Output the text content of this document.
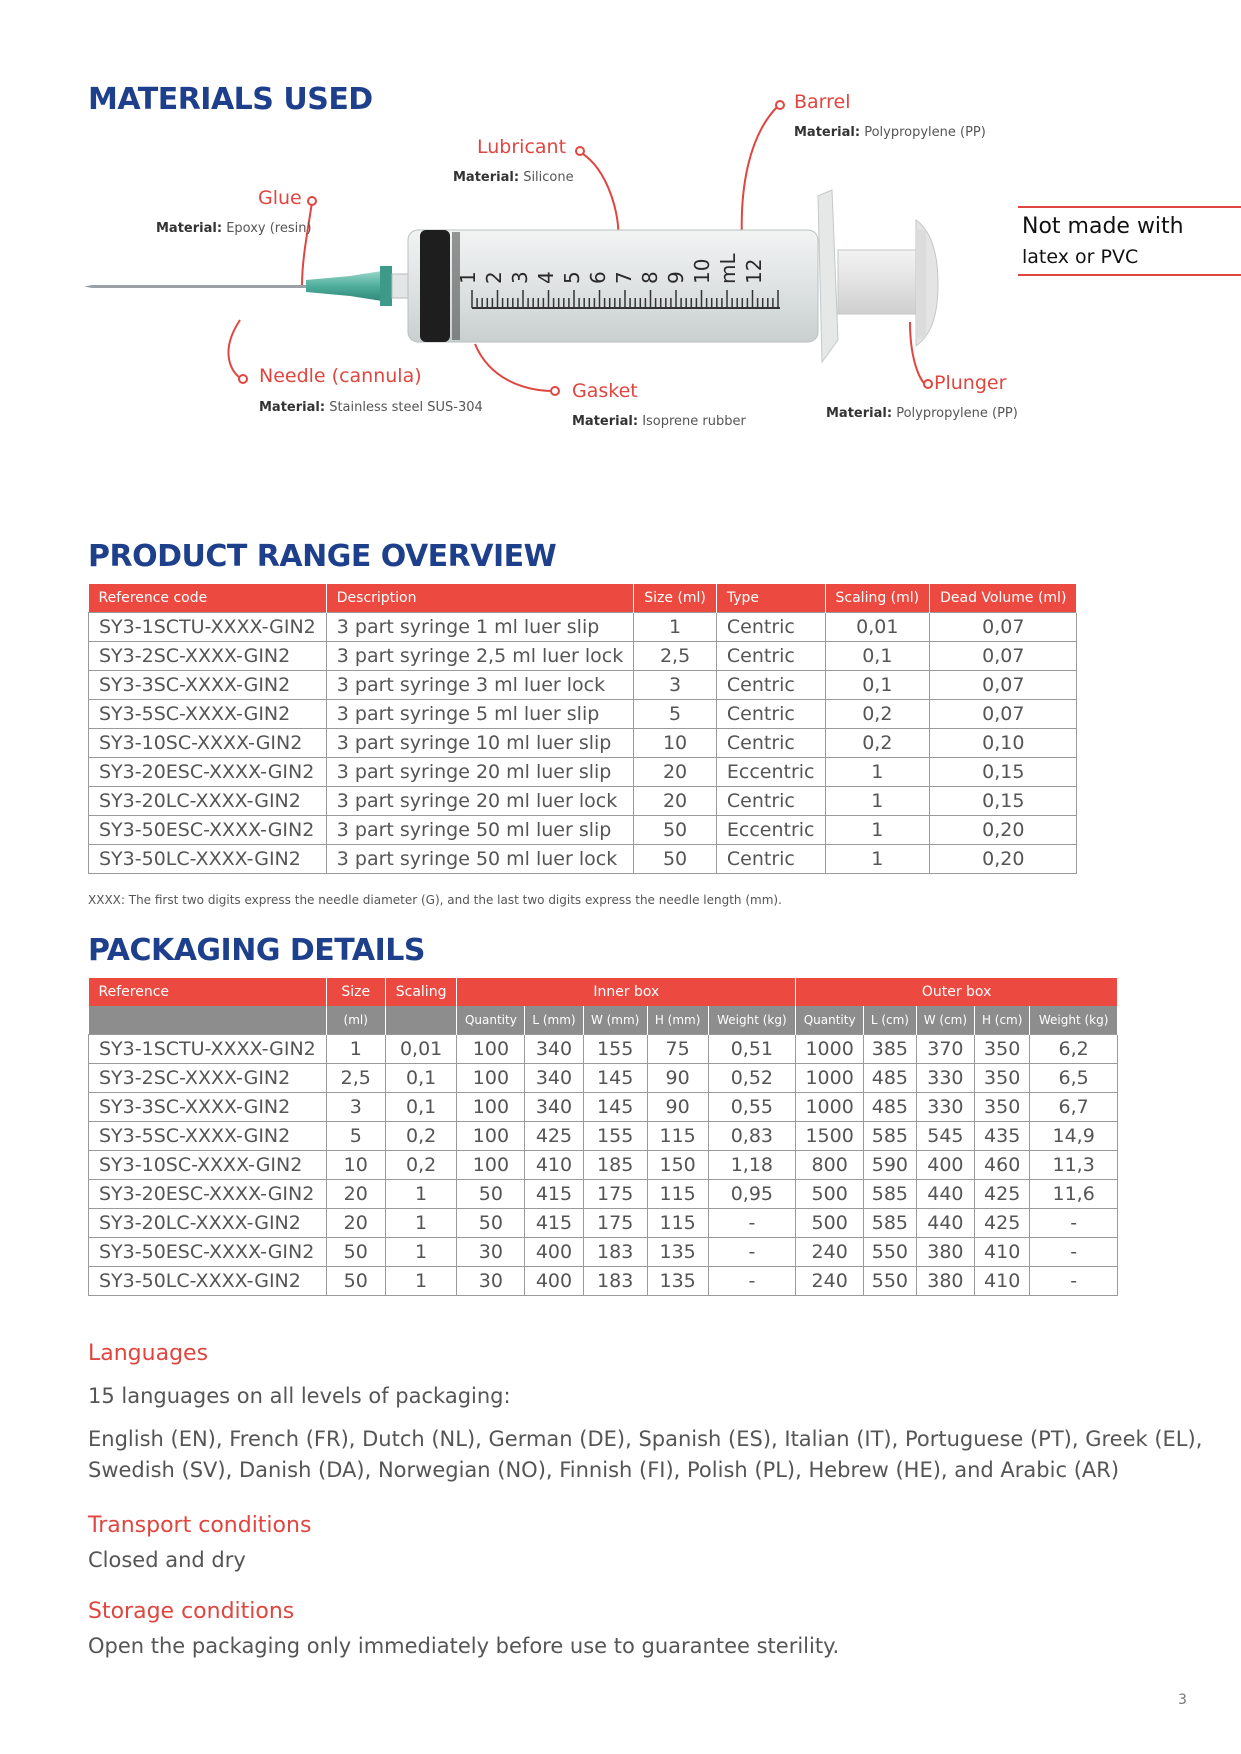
MATERIALS USED
1 2 3 4 5 6 7 8 9 10 mL 12
Barrel
Material: Polypropylene (PP)
Lubricant
Material: Silicone
Glue
Material: Epoxy (resin)
Needle (cannula)
Material: Stainless steel SUS-304
Gasket
Material: Isoprene rubber
Plunger
Material: Polypropylene (PP)
Not made with
latex or PVC
PRODUCT RANGE OVERVIEW
Reference code	Description	Size (ml)	Type	Scaling (ml)	Dead Volume (ml)
SY3-1SCTU-XXXX-GIN2	3 part syringe 1 ml luer slip	1	Centric	0,01	0,07
SY3-2SC-XXXX-GIN2	3 part syringe 2,5 ml luer lock	2,5	Centric	0,1	0,07
SY3-3SC-XXXX-GIN2	3 part syringe 3 ml luer lock	3	Centric	0,1	0,07
SY3-5SC-XXXX-GIN2	3 part syringe 5 ml luer slip	5	Centric	0,2	0,07
SY3-10SC-XXXX-GIN2	3 part syringe 10 ml luer slip	10	Centric	0,2	0,10
SY3-20ESC-XXXX-GIN2	3 part syringe 20 ml luer slip	20	Eccentric	1	0,15
SY3-20LC-XXXX-GIN2	3 part syringe 20 ml luer lock	20	Centric	1	0,15
SY3-50ESC-XXXX-GIN2	3 part syringe 50 ml luer slip	50	Eccentric	1	0,20
SY3-50LC-XXXX-GIN2	3 part syringe 50 ml luer lock	50	Centric	1	0,20
XXXX: The first two digits express the needle diameter (G), and the last two digits express the needle length (mm).
PACKAGING DETAILS
Reference	Size	Scaling	Inner box					Outer box				
	(ml)		Quantity	L (mm)	W (mm)	H (mm)	Weight (kg)	Quantity	L (cm)	W (cm)	H (cm)	Weight (kg)
SY3-1SCTU-XXXX-GIN2	1	0,01	100	340	155	75	0,51	1000	385	370	350	6,2
SY3-2SC-XXXX-GIN2	2,5	0,1	100	340	145	90	0,52	1000	485	330	350	6,5
SY3-3SC-XXXX-GIN2	3	0,1	100	340	145	90	0,55	1000	485	330	350	6,7
SY3-5SC-XXXX-GIN2	5	0,2	100	425	155	115	0,83	1500	585	545	435	14,9
SY3-10SC-XXXX-GIN2	10	0,2	100	410	185	150	1,18	800	590	400	460	11,3
SY3-20ESC-XXXX-GIN2	20	1	50	415	175	115	0,95	500	585	440	425	11,6
SY3-20LC-XXXX-GIN2	20	1	50	415	175	115	-	500	585	440	425	-
SY3-50ESC-XXXX-GIN2	50	1	30	400	183	135	-	240	550	380	410	-
SY3-50LC-XXXX-GIN2	50	1	30	400	183	135	-	240	550	380	410	-
Languages
15 languages on all levels of packaging:
English (EN), French (FR), Dutch (NL), German (DE), Spanish (ES), Italian (IT), Portuguese (PT), Greek (EL),
Swedish (SV), Danish (DA), Norwegian (NO), Finnish (FI), Polish (PL), Hebrew (HE), and Arabic (AR)
Transport conditions
Closed and dry
Storage conditions
Open the packaging only immediately before use to guarantee sterility.
3
